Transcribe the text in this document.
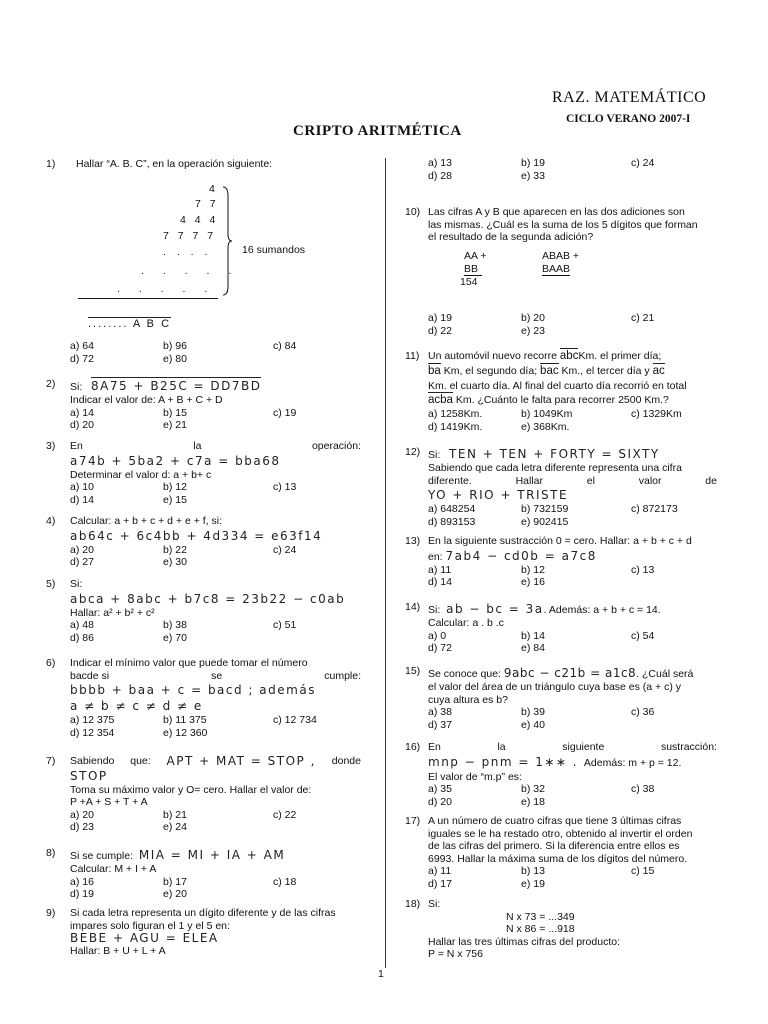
RAZ. MATEMÁTICO
CICLO VERANO 2007-I
CRIPTO ARITMÉTICA
1
1) Hallar “A. B. C”, en la operación siguiente:
4
7 7
4 4 4
7 7 7 7
. . . .
. . . . .
. . . . . .
16 sumandos
........ A B C
a) 64	b) 96	c) 84
d) 72	e) 80
2) Si: 8A75 + B25C = DD7BD
Indicar el valor de: A + B + C + D
a) 14	b) 15	c) 19
d) 20	e) 21
3) En	la	operación:
a74b + 5ba2 + c7a = bba68
Determinar el valor d: a + b+ c
a) 10	b) 12	c) 13
d) 14	e) 15
4) Calcular: a + b + c + d + e + f, si:
ab64c + 6c4bb + 4d334 = e63f14
a) 20	b) 22	c) 24
d) 27	e) 30
5) Si:
abca + 8abc + b7c8 = 23b22 − c0ab
Hallar: a² + b² + c²
a) 48	b) 38	c) 51
d) 86	e) 70
6) Indicar el mínimo valor que puede tomar el número
bacde si	se	cumple:
bbbb + baa + c = bacd ; además
a ≠ b ≠ c ≠ d ≠ e
a) 12 375	b) 11 375	c) 12 734
d) 12 354	e) 12 360
7) Sabiendo que: APT + MAT = STOP , donde
STOP
Toma su máximo valor y O= cero. Hallar el valor de:
P +A + S + T + A
a) 20	b) 21	c) 22
d) 23	e) 24
8) Si se cumple: MIA = MI + IA + AM
Calcular: M + I + A
a) 16	b) 17	c) 18
d) 19	e) 20
9) Si cada letra representa un dígito diferente y de las cifras
impares solo figuran el 1 y el 5 en:
BEBE + AGU = ELEA
Hallar: B + U + L + A
a) 13	b) 19	c) 24
d) 28	e) 33
10) Las cifras A y B que aparecen en las dos adiciones son
las mismas. ¿Cuál es la suma de los 5 dígitos que forman
el resultado de la segunda adición?
AA +
BB
154
ABAB +
BAAB
a) 19	b) 20	c) 21
d) 22	e) 23
11) Un automóvil nuevo recorre abcKm. el primer día;
ba Km, el segundo día; bac Km., el tercer día y ac
Km. el cuarto día. Al final del cuarto día recorrió en total
acba Km. ¿Cuánto le falta para recorrer 2500 Km.?
a) 1258Km.	b) 1049Km	c) 1329Km
d) 1419Km.	e) 368Km.
12) Si: TEN + TEN + FORTY = SIXTY
Sabiendo que cada letra diferente representa una cifra
diferente.	Hallar	el	valor	de
YO + RIO + TRISTE
a) 648254	b) 732159	c) 872173
d) 893153	e) 902415
13) En la siguiente sustracción 0 = cero. Hallar: a + b + c + d
en: 7ab4 − cd0b = a7c8
a) 11	b) 12	c) 13
d) 14	e) 16
14) Si: ab − bc = 3a. Además: a + b + c = 14.
Calcular: a . b .c
a) 0	b) 14	c) 54
d) 72	e) 84
15) Se conoce que: 9abc − c21b = a1c8. ¿Cuál será
el valor del área de un triángulo cuya base es (a + c) y
cuya altura es b?
a) 38	b) 39	c) 36
d) 37	e) 40
16) En	la	siguiente	sustracción:
mnp − pnm = 1∗∗ . Además: m + p = 12.
El valor de “m.p” es:
a) 35	b) 32	c) 38
d) 20	e) 18
17) A un número de cuatro cifras que tiene 3 últimas cifras
iguales se le ha restado otro, obtenido al invertir el orden
de las cifras del primero. Si la diferencia entre ellos es
6993. Hallar la máxima suma de los dígitos del número.
a) 11	b) 13	c) 15
d) 17	e) 19
18) Si:
N x 73 = ...349
N x 86 = ...918
Hallar las tres últimas cifras del producto:
P = N x 756
